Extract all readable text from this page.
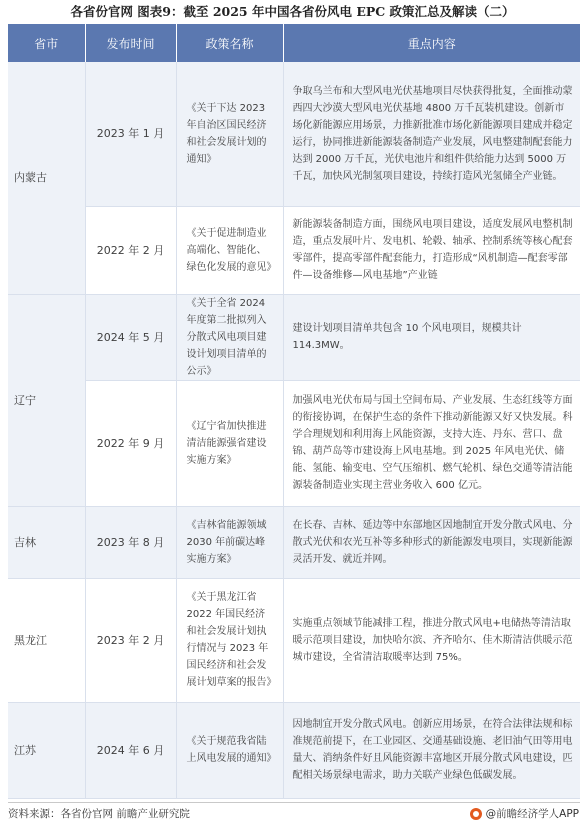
各省份官网 图表9：截至 2025 年中国各省份风电 EPC 政策汇总及解读（二）
省市	发布时间	政策名称	重点内容
内蒙古	2023 年 1 月	《关于下达 2023 年自治区国民经济和社会发展计划的通知》	争取乌兰布和大型风电光伏基地项目尽快获得批复，全面推动蒙西四大沙漠大型风电光伏基地 4800 万千瓦装机建设。创新市场化新能源应用场景，力推新批准市场化新能源项目建成并稳定运行，协同推进新能源装备制造产业发展，风电整建制配套能力达到 2000 万千瓦，光伏电池片和组件供给能力达到 5000 万千瓦，加快风光制氢项目建设，持续打造风光氢储全产业链。
	2022 年 2 月	《关于促进制造业高端化、智能化、绿色化发展的意见》	新能源装备制造方面，围绕风电项目建设，适度发展风电整机制造，重点发展叶片、发电机、轮毂、轴承、控制系统等核心配套零部件，提高零部件配套能力，打造形成“风机制造—配套零部件—设备维修—风电基地”产业链
辽宁	2024 年 5 月	《关于全省 2024 年度第二批拟列入分散式风电项目建设计划项目清单的公示》	建设计划项目清单共包含 10 个风电项目，规模共计 114.3MW。
	2022 年 9 月	《辽宁省加快推进清洁能源强省建设实施方案》	加强风电光伏布局与国土空间布局、产业发展、生态红线等方面的衔接协调，在保护生态的条件下推动新能源又好又快发展。科学合理规划和利用海上风能资源，支持大连、丹东、营口、盘锦、葫芦岛等市建设海上风电基地。到 2025 年风电光伏、储能、氢能、输变电、空气压缩机、燃气轮机、绿色交通等清洁能源装备制造业实现主营业务收入 600 亿元。
吉林	2023 年 8 月	《吉林省能源领域 2030 年前碳达峰实施方案》	在长春、吉林、延边等中东部地区因地制宜开发分散式风电、分散式光伏和农光互补等多种形式的新能源发电项目，实现新能源灵活开发、就近并网。
黑龙江	2023 年 2 月	《关于黑龙江省 2022 年国民经济和社会发展计划执行情况与 2023 年国民经济和社会发展计划草案的报告》	实施重点领域节能减排工程，推进分散式风电+电储热等清洁取暖示范项目建设，加快哈尔滨、齐齐哈尔、佳木斯清洁供暖示范城市建设，全省清洁取暖率达到 75%。
江苏	2024 年 6 月	《关于规范我省陆上风电发展的通知》	因地制宜开发分散式风电。创新应用场景，在符合法律法规和标准规范前提下，在工业园区、交通基础设施、老旧油气田等用电量大、消纳条件好且风能资源丰富地区开展分散式风电建设，匹配相关场景绿电需求，助力关联产业绿色低碳发展。
资料来源：各省份官网 前瞻产业研究院	@前瞻经济学人APP
